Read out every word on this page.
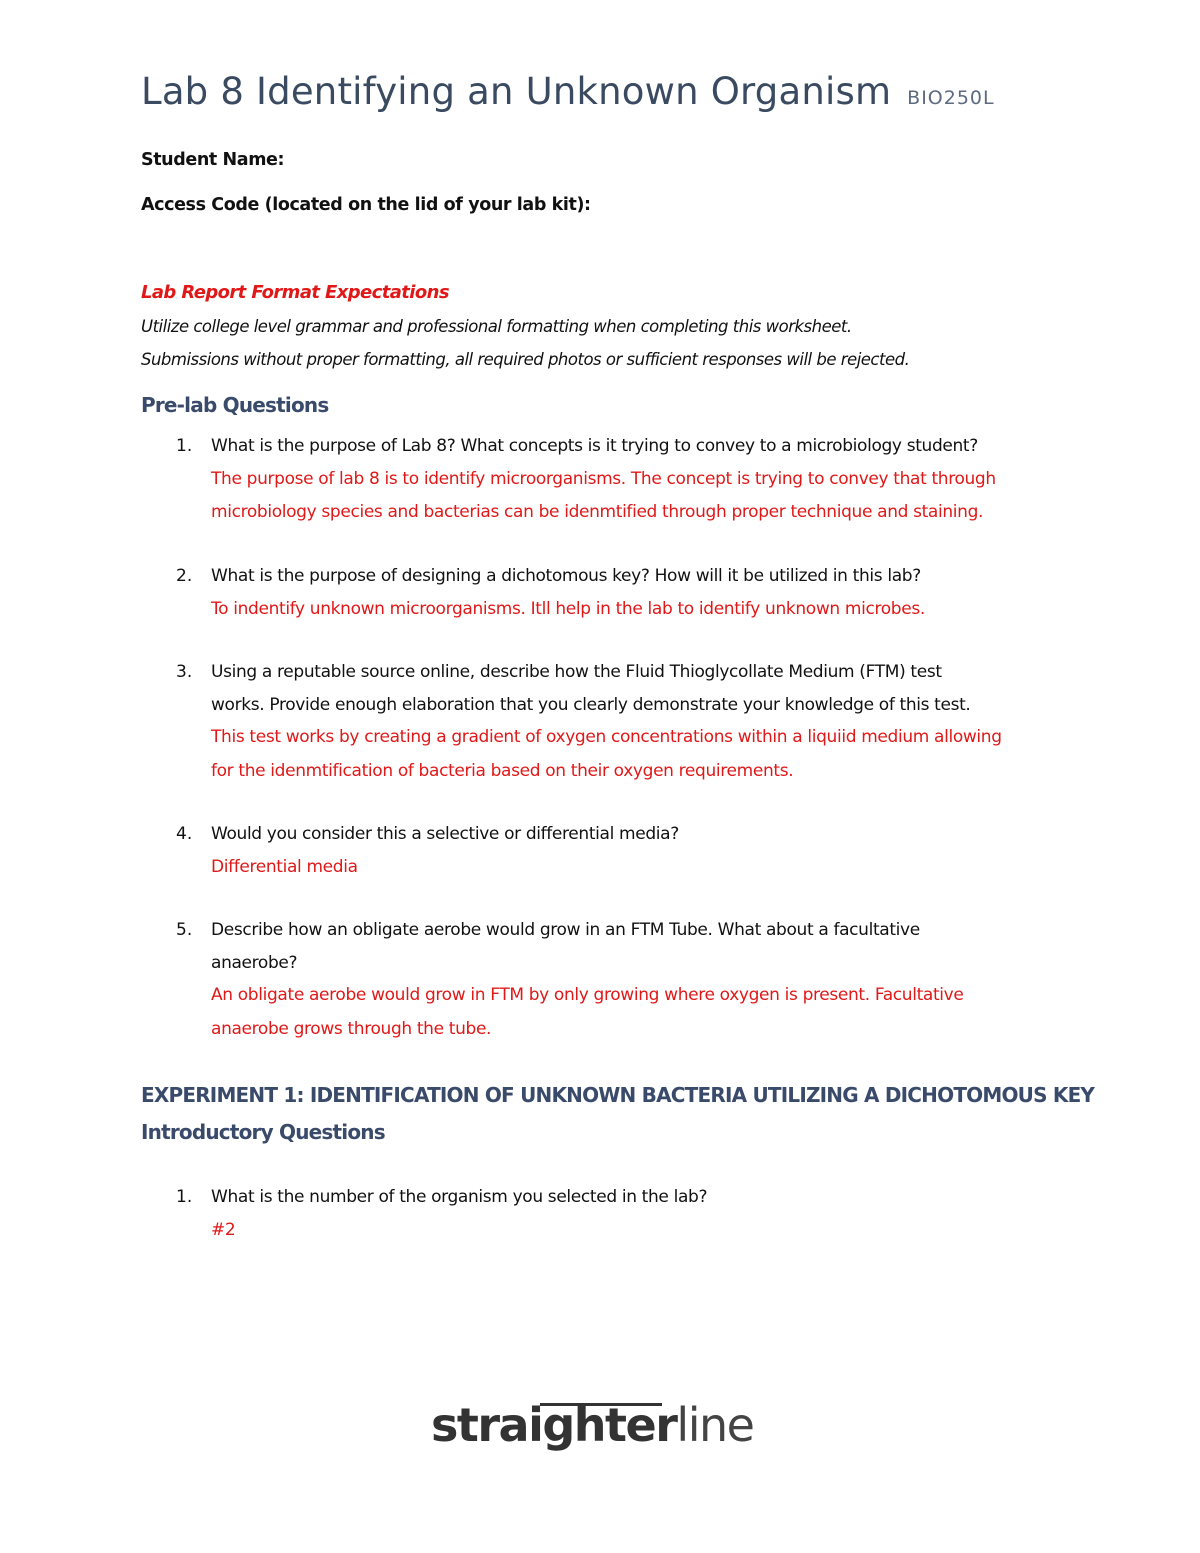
Lab 8 Identifying an Unknown Organism BIO250L

Student Name:

Access Code (located on the lid of your lab kit):

Lab Report Format Expectations

Utilize college level grammar and professional formatting when completing this worksheet.

Submissions without proper formatting, all required photos or sufficient responses will be rejected.

Pre-lab Questions

1. What is the purpose of Lab 8? What concepts is it trying to convey to a microbiology student?
The purpose of lab 8 is to identify microorganisms. The concept is trying to convey that through
microbiology species and bacterias can be idenmtified through proper technique and staining.
2. What is the purpose of designing a dichotomous key? How will it be utilized in this lab?
To indentify unknown microorganisms. Itll help in the lab to identify unknown microbes.
3. Using a reputable source online, describe how the Fluid Thioglycollate Medium (FTM) test
works. Provide enough elaboration that you clearly demonstrate your knowledge of this test.
This test works by creating a gradient of oxygen concentrations within a liquiid medium allowing
for the idenmtification of bacteria based on their oxygen requirements.
4. Would you consider this a selective or differential media?
Differential media
5. Describe how an obligate aerobe would grow in an FTM Tube. What about a facultative
anaerobe?
An obligate aerobe would grow in FTM by only growing where oxygen is present. Facultative
anaerobe grows through the tube.

EXPERIMENT 1: IDENTIFICATION OF UNKNOWN BACTERIA UTILIZING A DICHOTOMOUS KEY

Introductory Questions

1. What is the number of the organism you selected in the lab?
#2
straighterline
